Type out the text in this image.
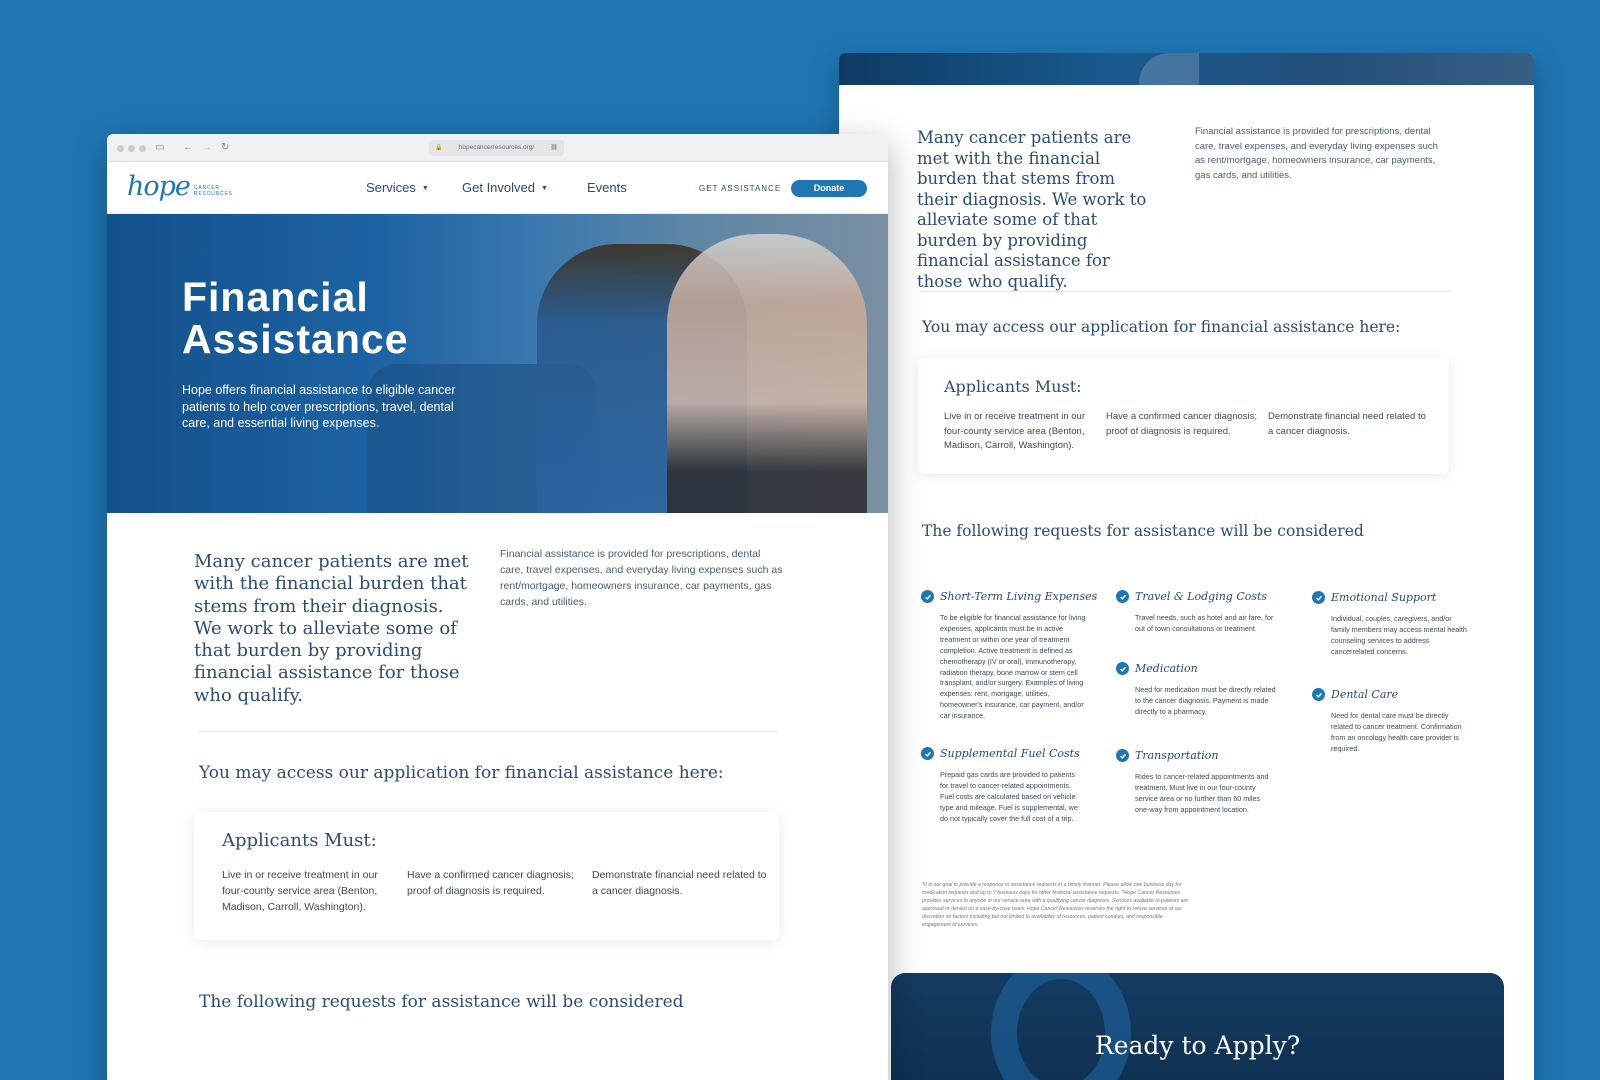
Many cancer patients are met with the financial burden that stems from their diagnosis. We work to alleviate some of that burden by providing financial assistance for those who qualify.

Financial assistance is provided for prescriptions, dental care, travel expenses, and everyday living expenses such as rent/mortgage, homeowners insurance, car payments, gas cards, and utilities.

You may access our application for financial assistance here:
Applicants Must:

Live in or receive treatment in our four-county service area (Benton, Madison, Carroll, Washington).

Have a confirmed cancer diagnosis; proof of diagnosis is required.

Demonstrate financial need related to a cancer diagnosis.

The following requests for assistance will be considered
Short-Term Living Expenses

To be eligible for financial assistance for living expenses, applicants must be in active treatment or within one year of treatment completion. Active treatment is defined as chemotherapy (IV or oral), immunotherapy, radiation therapy, bone marrow or stem cell transplant, and/or surgery. Examples of living expenses: rent, mortgage, utilities, homeowner's insurance, car payment, and/or car insurance.

Supplemental Fuel Costs

Prepaid gas cards are provided to patients for travel to cancer-related appointments. Fuel costs are calculated based on vehicle type and mileage. Fuel is supplemental, we do not typically cover the full cost of a trip.

Travel & Lodging Costs

Travel needs, such as hotel and air fare, for out of town consultations or treatment.

Medication

Need for medication must be directly related to the cancer diagnosis. Payment is made directly to a pharmacy.

Transportation

Rides to cancer-related appointments and treatment. Must live in our four-county service area or no further than 60 miles one-way from appointment location.

Emotional Support

Individual, couples, caregivers, and/or family members may access mental health counseling services to address cancerrelated concerns.

Dental Care

Need for dental care must be directly related to cancer treatment. Confirmation from an oncology health care provider is required.

*It is our goal to provide a response to assistance requests in a timely manner. Please allow one business day for medication requests and up to 7 business days for other financial assistance requests. *Hope Cancer Resources provides services to anyone in our service area with a qualifying cancer diagnosis. Services available to patients are approved or denied on a case-by-case basis. Hope Cancer Resources reserves the right to refuse services at our discretion on factors including but not limited to availability of resources, patient conduct, and responsible engagement of services.

Ready to Apply?
▭ ← → ↻	🔒	hopecancerresources.org/	⛓
hope CANCER
RESOURCES	Services ▼	Get Involved ▼	Events	GET ASSISTANCE	Donate
Financial
Assistance

Hope offers financial assistance to eligible cancer patients to help cover prescriptions, travel, dental care, and essential living expenses.

Many cancer patients are met with the financial burden that stems from their diagnosis. We work to alleviate some of that burden by providing financial assistance for those who qualify.

Financial assistance is provided for prescriptions, dental care, travel expenses, and everyday living expenses such as rent/mortgage, homeowners insurance, car payments, gas cards, and utilities.

You may access our application for financial assistance here:
Applicants Must:

Live in or receive treatment in our four-county service area (Benton, Madison, Carroll, Washington).

Have a confirmed cancer diagnosis; proof of diagnosis is required.

Demonstrate financial need related to a cancer diagnosis.

The following requests for assistance will be considered
